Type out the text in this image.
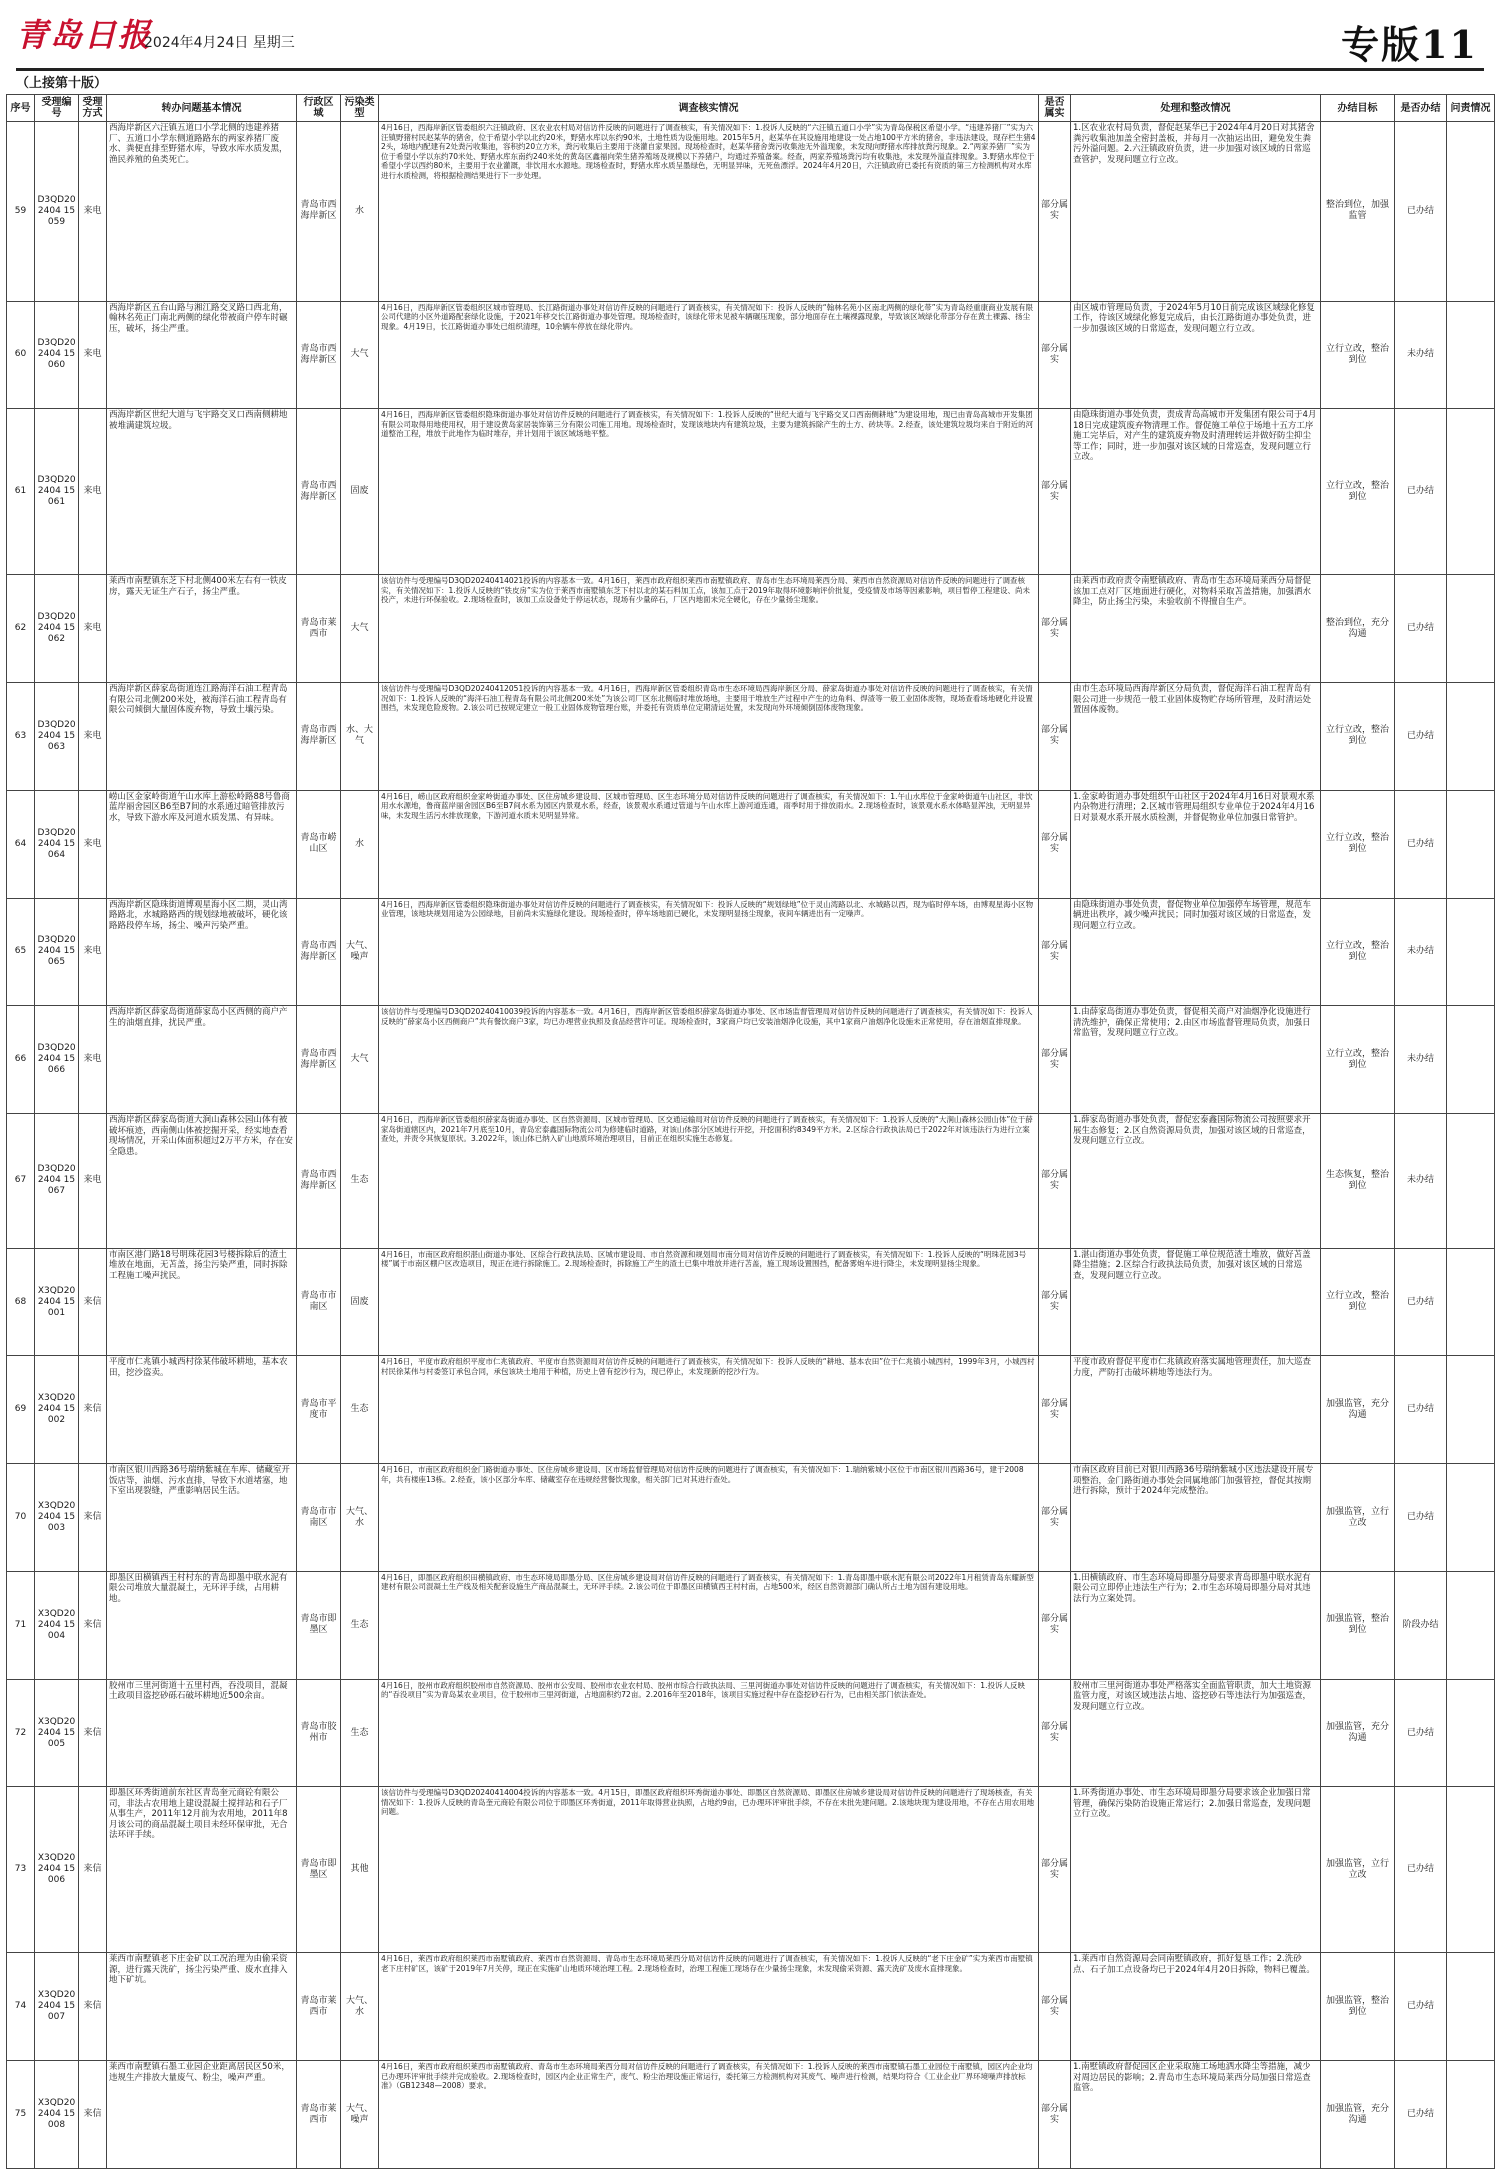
青岛日报
2024年4月24日 星期三	专版11
（上接第十版）
序号	受理编号	受理方式	转办问题基本情况	行政区域	污染类型	调查核实情况	是否属实	处理和整改情况	办结目标	是否办结	问责情况
59	D3QD202404 15059	来电	西海岸新区六汪镇五道口小学北侧的违建养猪厂、五道口小学东侧道路路东的两家养猪厂废水、粪便直排至野猪水库，导致水库水质发黑，渔民养殖的鱼类死亡。	青岛市西海岸新区	水	4月16日，西海岸新区管委组织六汪镇政府、区农业农村局对信访件反映的问题进行了调查核实，有关情况如下：1.投诉人反映的“六汪镇五道口小学”实为青岛保税区希望小学。“违建养猪厂”实为六汪镇野猪村民赵某华的猪舍，位于希望小学以北约20米，野猪水库以东约90米，土地性质为设施用地。2015年5月，赵某华在其设施用地建设一处占地100平方米的猪舍，非违法建设，现存栏生猪42头，场地内配建有2处粪污收集池，容积约20立方米，粪污收集后主要用于浇灌自家果园。现场检查时，赵某华猪舍粪污收集池无外溢现象，未发现向野猪水库排放粪污现象。2.“两家养猪厂”实为位于希望小学以东约70米处、野猪水库东南约240米处的黄岛区鑫福向荣生猪养殖场及规模以下养猪户，均通过养殖备案。经查，两家养殖场粪污均有收集池，未发现外溢直排现象。3.野猪水库位于希望小学以西约80米，主要用于农业灌溉，非饮用水水源地。现场检查时，野猪水库水质呈墨绿色，无明显异味，无死鱼漂浮。2024年4月20日，六汪镇政府已委托有资质的第三方检测机构对水库进行水质检测，将根据检测结果进行下一步处理。	部分属实	1.区农业农村局负责，督促赵某华已于2024年4月20日对其猪舍粪污收集池加盖全密封盖板，并每月一次抽运出田，避免发生粪污外溢问题。2.六汪镇政府负责，进一步加强对该区域的日常巡查管护，发现问题立行立改。	整治到位，加强监管	已办结	
60	D3QD202404 15060	来电	西海岸新区五台山路与湘江路交叉路口西北角，翰林名苑正门南北两侧的绿化带被商户停车时碾压，破坏，扬尘严重。	青岛市西海岸新区	大气	4月16日，西海岸新区管委组织区城市管理局、长江路街道办事处对信访件反映的问题进行了调查核实，有关情况如下：投诉人反映的“翰林名苑小区南北两侧的绿化带”实为青岛经重康商业发展有限公司代建的小区外道路配套绿化设施，于2021年移交长江路街道办事处管理。现场检查时，该绿化带未见被车辆碾压现象，部分地面存在土壤裸露现象，导致该区域绿化带部分存在黄土裸露、扬尘现象。4月19日，长江路街道办事处已组织清理，10余辆车停放在绿化带内。	部分属实	由区城市管理局负责，于2024年5月10日前完成该区域绿化修复工作，待该区域绿化修复完成后，由长江路街道办事处负责，进一步加强该区域的日常巡查，发现问题立行立改。	立行立改，整治到位	未办结	
61	D3QD202404 15061	来电	西海岸新区世纪大道与飞宇路交叉口西南侧耕地被堆满建筑垃圾。	青岛市西海岸新区	固废	4月16日，西海岸新区管委组织隐珠街道办事处对信访件反映的问题进行了调查核实，有关情况如下：1.投诉人反映的“世纪大道与飞宇路交叉口西南侧耕地”为建设用地，现已由青岛高城市开发集团有限公司取得用地使用权，用于建设黄岛家居装饰第三分有限公司施工用地。现场检查时，发现该地块内有建筑垃圾，主要为建筑拆除产生的土方、砖块等。2.经查，该处建筑垃圾均来自于附近的河道整治工程，堆放于此地作为临时堆存，并计划用于该区域场地平整。	部分属实	由隐珠街道办事处负责，责成青岛高城市开发集团有限公司于4月18日完成建筑废弃物清理工作。督促施工单位于场地十五方工序施工完毕后，对产生的建筑废弃物及时清理转运并做好防尘抑尘等工作；同时，进一步加强对该区域的日常巡查，发现问题立行立改。	立行立改，整治到位	已办结	
62	D3QD202404 15062	来电	莱西市南墅镇东芝下村北侧400米左右有一铁皮房，露天无证生产石子，扬尘严重。	青岛市莱西市	大气	该信访件与受理编号D3QD20240414021投诉的内容基本一致。4月16日，莱西市政府组织莱西市南墅镇政府、青岛市生态环境局莱西分局、莱西市自然资源局对信访件反映的问题进行了调查核实，有关情况如下：1.投诉人反映的“铁皮房”实为位于莱西市南墅镇东芝下村以北的某石料加工点，该加工点于2019年取得环境影响评价批复，受疫情及市场等因素影响，项目暂停工程建设、尚未投产，未进行环保验收。2.现场检查时，该加工点设备处于停运状态，现场有少量碎石，厂区内地面未完全硬化，存在少量扬尘现象。	部分属实	由莱西市政府责令南墅镇政府、青岛市生态环境局莱西分局督促该加工点对厂区地面进行硬化，对物料采取苫盖措施，加强洒水降尘，防止扬尘污染，未验收前不得擅自生产。	整治到位，充分沟通	已办结	
63	D3QD202404 15063	来电	西海岸新区薛家岛街道连江路海洋石油工程青岛有限公司北侧200米处，被海洋石油工程青岛有限公司倾倒大量固体废弃物，导致土壤污染。	青岛市西海岸新区	水、大气	该信访件与受理编号D3QD20240412051投诉的内容基本一致。4月16日，西海岸新区管委组织青岛市生态环境局西海岸新区分局、薛家岛街道办事处对信访件反映的问题进行了调查核实，有关情况如下：1.投诉人反映的“海洋石油工程青岛有限公司北侧200米处”为该公司厂区东北侧临时堆放场地，主要用于堆放生产过程中产生的边角料、焊渣等一般工业固体废物，现场查看场地硬化并设置围挡，未发现危险废物。2.该公司已按规定建立一般工业固体废物管理台账，并委托有资质单位定期清运处置，未发现向外环境倾倒固体废物现象。	部分属实	由市生态环境局西海岸新区分局负责，督促海洋石油工程青岛有限公司进一步规范一般工业固体废物贮存场所管理，及时清运处置固体废物。	立行立改，整治到位	已办结	
64	D3QD202404 15064	来电	崂山区金家岭街道午山水库上游松岭路88号鲁商蓝岸丽舍园区B6至B7间的水系通过暗管排放污水，导致下游水库及河道水质发黑、有异味。	青岛市崂山区	水	4月16日，崂山区政府组织金家岭街道办事处、区住房城乡建设局、区城市管理局、区生态环境分局对信访件反映的问题进行了调查核实，有关情况如下：1.午山水库位于金家岭街道午山社区，非饮用水水源地，鲁商蓝岸丽舍园区B6至B7间水系为园区内景观水系，经查，该景观水系通过管道与午山水库上游河道连通，雨季时用于排放雨水。2.现场检查时，该景观水系水体略显浑浊，无明显异味，未发现生活污水排放现象，下游河道水质未见明显异常。	部分属实	1.金家岭街道办事处组织午山社区于2024年4月16日对景观水系内杂物进行清理；2.区城市管理局组织专业单位于2024年4月16日对景观水系开展水质检测，并督促物业单位加强日常管护。	立行立改，整治到位	已办结	
65	D3QD202404 15065	来电	西海岸新区隐珠街道博观星海小区二期，灵山湾路路北，水城路路西的规划绿地被破坏，硬化该路路段停车场，扬尘、噪声污染严重。	青岛市西海岸新区	大气、噪声	4月16日，西海岸新区管委组织隐珠街道办事处对信访件反映的问题进行了调查核实，有关情况如下：投诉人反映的“规划绿地”位于灵山湾路以北、水城路以西，现为临时停车场，由博观星海小区物业管理，该地块规划用途为公园绿地，目前尚未实施绿化建设。现场检查时，停车场地面已硬化，未发现明显扬尘现象，夜间车辆进出有一定噪声。	部分属实	由隐珠街道办事处负责，督促物业单位加强停车场管理，规范车辆进出秩序，减少噪声扰民；同时加强对该区域的日常巡查，发现问题立行立改。	立行立改，整治到位	未办结	
66	D3QD202404 15066	来电	西海岸新区薛家岛街道薛家岛小区西侧的商户产生的油烟直排，扰民严重。	青岛市西海岸新区	大气	该信访件与受理编号D3QD20240410039投诉的内容基本一致。4月16日，西海岸新区管委组织薛家岛街道办事处、区市场监督管理局对信访件反映的问题进行了调查核实，有关情况如下：投诉人反映的“薛家岛小区西侧商户”共有餐饮商户3家，均已办理营业执照及食品经营许可证。现场检查时，3家商户均已安装油烟净化设施，其中1家商户油烟净化设施未正常使用，存在油烟直排现象。	部分属实	1.由薛家岛街道办事处负责，督促相关商户对油烟净化设施进行清洗维护，确保正常使用；2.由区市场监督管理局负责，加强日常监管，发现问题立行立改。	立行立改，整治到位	未办结	
67	D3QD202404 15067	来电	西海岸新区薛家岛街道大涧山森林公园山体有被破坏痕迹，西南侧山体被挖掘开采，经实地查看现场情况，开采山体面积超过2万平方米，存在安全隐患。	青岛市西海岸新区	生态	4月16日，西海岸新区管委组织薛家岛街道办事处、区自然资源局、区城市管理局、区交通运输局对信访件反映的问题进行了调查核实，有关情况如下：1.投诉人反映的“大涧山森林公园山体”位于薛家岛街道辖区内，2021年7月底至10月，青岛宏泰鑫国际物流公司为修建临时道路，对该山体部分区域进行开挖，开挖面积约8349平方米。2.区综合行政执法局已于2022年对该违法行为进行立案查处，并责令其恢复原状。3.2022年，该山体已纳入矿山地质环境治理项目，目前正在组织实施生态修复。	部分属实	1.薛家岛街道办事处负责，督促宏泰鑫国际物流公司按照要求开展生态修复；2.区自然资源局负责，加强对该区域的日常巡查，发现问题立行立改。	生态恢复，整治到位	未办结	
68	X3QD202404 15001	来信	市南区港门路18号明珠花园3号楼拆除后的渣土堆放在地面，无苫盖，扬尘污染严重，同时拆除工程施工噪声扰民。	青岛市市南区	固废	4月16日，市南区政府组织湛山街道办事处、区综合行政执法局、区城市建设局、市自然资源和规划局市南分局对信访件反映的问题进行了调查核实，有关情况如下：1.投诉人反映的“明珠花园3号楼”属于市南区棚户区改造项目，现正在进行拆除施工。2.现场检查时，拆除施工产生的渣土已集中堆放并进行苫盖，施工现场设置围挡，配备雾炮车进行降尘，未发现明显扬尘现象。	部分属实	1.湛山街道办事处负责，督促施工单位规范渣土堆放，做好苫盖降尘措施；2.区综合行政执法局负责，加强对该区域的日常巡查，发现问题立行立改。	立行立改，整治到位	已办结	
69	X3QD202404 15002	来信	平度市仁兆镇小城西村徐某伟破坏耕地，基本农田，挖沙盗卖。	青岛市平度市	生态	4月16日，平度市政府组织平度市仁兆镇政府、平度市自然资源局对信访件反映的问题进行了调查核实，有关情况如下：投诉人反映的“耕地、基本农田”位于仁兆镇小城西村，1999年3月，小城西村村民徐某伟与村委签订承包合同，承包该块土地用于种植，历史上曾有挖沙行为，现已停止，未发现新的挖沙行为。	部分属实	平度市政府督促平度市仁兆镇政府落实属地管理责任，加大巡查力度，严防打击破坏耕地等违法行为。	加强监管，充分沟通	已办结	
70	X3QD202404 15003	来信	市南区银川西路36号瑞纳紫城在车库、储藏室开饭店等，油烟、污水直排，导致下水道堵塞，地下室出现裂缝，严重影响居民生活。	青岛市市南区	大气、水	4月16日，市南区政府组织金门路街道办事处、区住房城乡建设局、区市场监督管理局对信访件反映的问题进行了调查核实，有关情况如下：1.瑞纳紫城小区位于市南区银川西路36号，建于2008年，共有楼座13栋。2.经查，该小区部分车库、储藏室存在违规经营餐饮现象，相关部门已对其进行查处。	部分属实	市南区政府目前已对银川西路36号瑞纳紫城小区违法建设开展专项整治，金门路街道办事处会同属地部门加强管控，督促其按期进行拆除，预计于2024年完成整治。	加强监管，立行立改	已办结	
71	X3QD202404 15004	来信	即墨区田横镇西王村村东的青岛即墨中联水泥有限公司堆放大量混凝土，无环评手续，占用耕地。	青岛市即墨区	生态	4月16日，即墨区政府组织田横镇政府、市生态环境局即墨分局、区住房城乡建设局对信访件反映的问题进行了调查核实，有关情况如下：1.青岛即墨中联水泥有限公司2022年1月租赁青岛东耀新型建材有限公司混凝土生产线及相关配套设施生产商品混凝土，无环评手续。2.该公司位于即墨区田横镇西王村村南，占地500米，经区自然资源部门确认所占土地为国有建设用地。	部分属实	1.田横镇政府、市生态环境局即墨分局要求青岛即墨中联水泥有限公司立即停止违法生产行为；2.市生态环境局即墨分局对其违法行为立案处罚。	加强监管，整治到位	阶段办结	
72	X3QD202404 15005	来信	胶州市三里河街道十五里村西，吞没项目，混凝土政项目盗挖砂砾石破坏耕地近500余亩。	青岛市胶州市	生态	4月16日，胶州市政府组织胶州市自然资源局、胶州市公安局、胶州市农业农村局、胶州市综合行政执法局、三里河街道办事处对信访件反映的问题进行了调查核实，有关情况如下：1.投诉人反映的“吞没项目”实为青岛某农业项目，位于胶州市三里河街道，占地面积约72亩。2.2016年至2018年，该项目实施过程中存在盗挖砂石行为，已由相关部门依法查处。	部分属实	胶州市三里河街道办事处严格落实全面监管职责，加大土地资源监管力度，对该区域违法占地、盗挖砂石等违法行为加强巡查，发现问题立行立改。	加强监管，充分沟通	已办结	
73	X3QD202404 15006	来信	即墨区环秀街道前东社区青岛奎元商砼有限公司，非法占农用地上建设混凝土搅拌站和石子厂从事生产，2011年12月前为农用地，2011年8月该公司的商品混凝土项目未经环保审批，无合法环评手续。	青岛市即墨区	其他	该信访件与受理编号D3QD20240414004投诉的内容基本一致。4月15日，即墨区政府组织环秀街道办事处、即墨区自然资源局、即墨区住房城乡建设局对信访件反映的问题进行了现场核查，有关情况如下：1.投诉人反映的青岛奎元商砼有限公司位于即墨区环秀街道，2011年取得营业执照，占地约9亩，已办理环评审批手续，不存在未批先建问题。2.该地块现为建设用地，不存在占用农用地问题。	部分属实	1.环秀街道办事处、市生态环境局即墨分局要求该企业加强日常管理，确保污染防治设施正常运行；2.加强日常巡查，发现问题立行立改。	加强监管，立行立改	已办结	
74	X3QD202404 15007	来信	莱西市南墅镇老下庄金矿以工况治理为由偷采资源，进行露天洗矿，扬尘污染严重、废水直排入地下矿坑。	青岛市莱西市	大气、水	4月16日，莱西市政府组织莱西市南墅镇政府、莱西市自然资源局、青岛市生态环境局莱西分局对信访件反映的问题进行了调查核实，有关情况如下：1.投诉人反映的“老下庄金矿”实为莱西市南墅镇老下庄村矿区，该矿于2019年7月关停，现正在实施矿山地质环境治理工程。2.现场检查时，治理工程施工现场存在少量扬尘现象，未发现偷采资源、露天洗矿及废水直排现象。	部分属实	1.莱西市自然资源局会同南墅镇政府，抓好复垦工作；2.洗砂点、石子加工点设备均已于2024年4月20日拆除，物料已覆盖。	加强监管，整治到位	已办结	
75	X3QD202404 15008	来信	莱西市南墅镇石墨工业园企业距离居民区50米，违规生产排放大量废气、粉尘，噪声严重。	青岛市莱西市	大气、噪声	4月16日，莱西市政府组织莱西市南墅镇政府、青岛市生态环境局莱西分局对信访件反映的问题进行了调查核实，有关情况如下：1.投诉人反映的莱西市南墅镇石墨工业园位于南墅镇，园区内企业均已办理环评审批手续并完成验收。2.现场检查时，园区内企业正常生产，废气、粉尘治理设施正常运行，委托第三方检测机构对其废气、噪声进行检测，结果均符合《工业企业厂界环境噪声排放标准》（GB12348—2008）要求。	部分属实	1.南墅镇政府督促园区企业采取施工场地洒水降尘等措施，减少对周边居民的影响；2.青岛市生态环境局莱西分局加强日常巡查监管。	加强监管，充分沟通	已办结	
